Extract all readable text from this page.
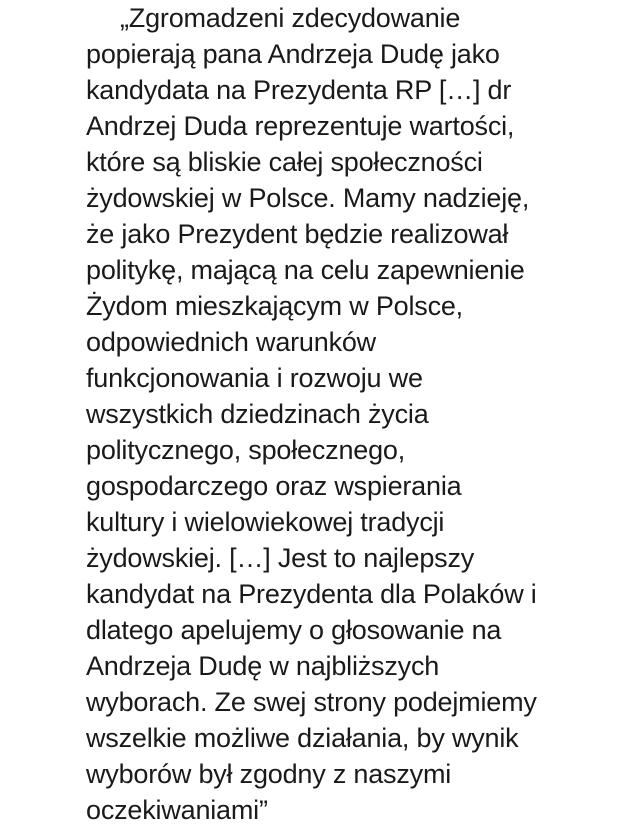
„Zgromadzeni zdecydowanie
popierają pana Andrzeja Dudę jako
kandydata na Prezydenta RP […] dr
Andrzej Duda reprezentuje wartości,
które są bliskie całej społeczności
żydowskiej w Polsce. Mamy nadzieję,
że jako Prezydent będzie realizował
politykę, mającą na celu zapewnienie
Żydom mieszkającym w Polsce,
odpowiednich warunków
funkcjonowania i rozwoju we
wszystkich dziedzinach życia
politycznego, społecznego,
gospodarczego oraz wspierania
kultury i wielowiekowej tradycji
żydowskiej. […] Jest to najlepszy
kandydat na Prezydenta dla Polaków i
dlatego apelujemy o głosowanie na
Andrzeja Dudę w najbliższych
wyborach. Ze swej strony podejmiemy
wszelkie możliwe działania, by wynik
wyborów był zgodny z naszymi
oczekiwaniami”
